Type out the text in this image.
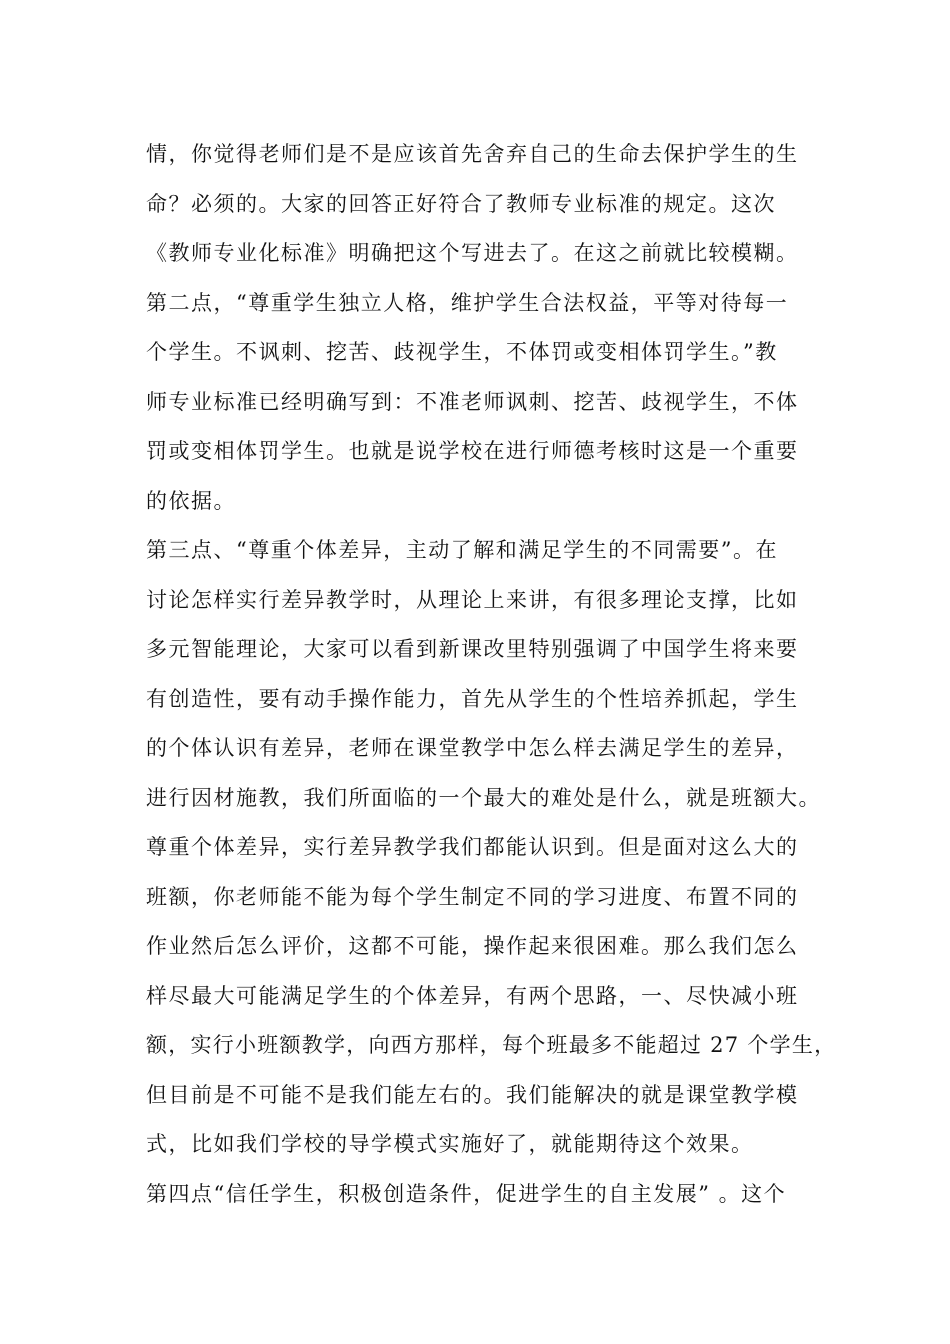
情，你觉得老师们是不是应该首先舍弃自己的生命去保护学生的生
命？必须的。大家的回答正好符合了教师专业标准的规定。这次
《教师专业化标准》明确把这个写进去了。在这之前就比较模糊。
第二点，“尊重学生独立人格，维护学生合法权益，平等对待每一
个学生。不讽刺、挖苦、歧视学生，不体罚或变相体罚学生。”教
师专业标准已经明确写到：不准老师讽刺、挖苦、歧视学生，不体
罚或变相体罚学生。也就是说学校在进行师德考核时这是一个重要
的依据。
第三点、“尊重个体差异，主动了解和满足学生的不同需要”。在
讨论怎样实行差异教学时，从理论上来讲，有很多理论支撑，比如
多元智能理论，大家可以看到新课改里特别强调了中国学生将来要
有创造性，要有动手操作能力，首先从学生的个性培养抓起，学生
的个体认识有差异，老师在课堂教学中怎么样去满足学生的差异，
进行因材施教，我们所面临的一个最大的难处是什么，就是班额大。
尊重个体差异，实行差异教学我们都能认识到。但是面对这么大的
班额，你老师能不能为每个学生制定不同的学习进度、布置不同的
作业然后怎么评价，这都不可能，操作起来很困难。那么我们怎么
样尽最大可能满足学生的个体差异，有两个思路，一、尽快减小班
额，实行小班额教学，向西方那样，每个班最多不能超过 27 个学生，
但目前是不可能不是我们能左右的。我们能解决的就是课堂教学模
式，比如我们学校的导学模式实施好了，就能期待这个效果。
第四点“信任学生，积极创造条件，促进学生的自主发展” 。这个
